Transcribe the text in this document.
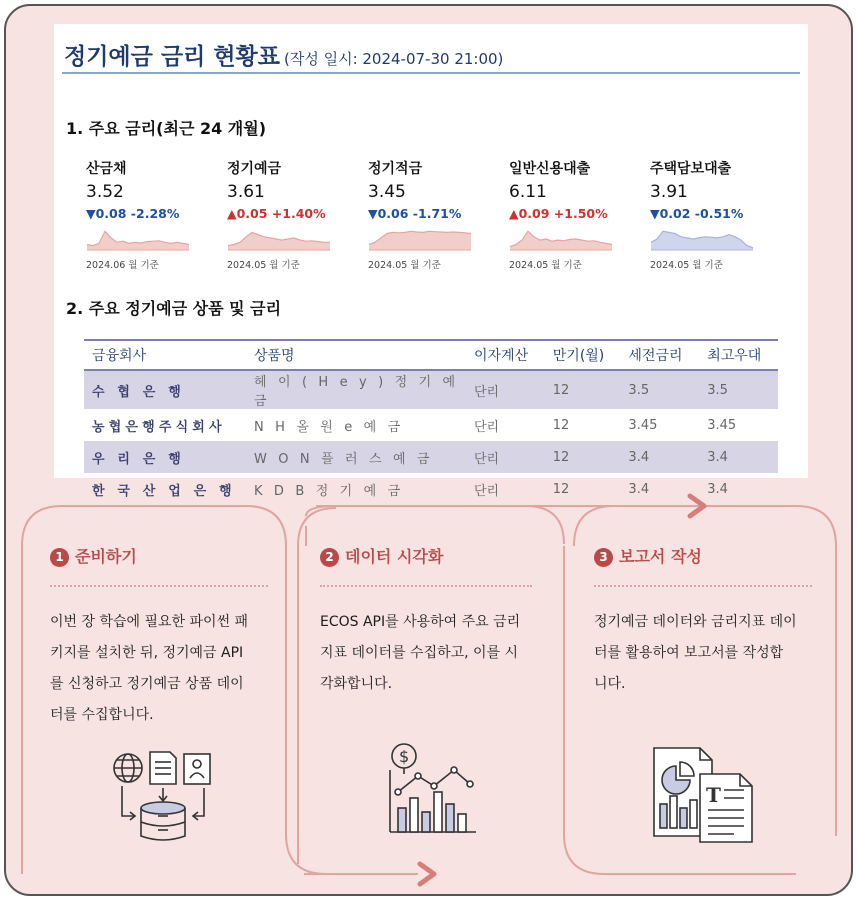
정기예금 금리 현황표 (작성 일시: 2024-07-30 21:00)
1. 주요 금리(최근 24 개월)
산금채
3.52
▼0.08 -2.28%
2024.06 월 기준
정기예금
3.61
▲0.05 +1.40%
2024.05 월 기준
정기적금
3.45
▼0.06 -1.71%
2024.05 월 기준
일반신용대출
6.11
▲0.09 +1.50%
2024.05 월 기준
주택담보대출
3.91
▼0.02 -0.51%
2024.05 월 기준
2. 주요 정기예금 상품 및 금리
금융회사	상품명	이자계산	만기(월)	세전금리	최고우대
수 협 은 행	헤 이 ( H e y ) 정 기 예 금	단리	12	3.5	3.5
농협은행주식회사	N H 올 원 e 예 금	단리	12	3.45	3.45
우 리 은 행	W O N 플 러 스 예 금	단리	12	3.4	3.4
한 국 산 업 은 행	K D B 정 기 예 금	단리	12	3.4	3.4
1 준비하기
이번 장 학습에 필요한 파이썬 패
키지를 설치한 뒤, 정기예금 API
를 신청하고 정기예금 상품 데이
터를 수집합니다.
2 데이터 시각화
ECOS API를 사용하여 주요 금리
지표 데이터를 수집하고, 이를 시
각화합니다.
$
3 보고서 작성
정기예금 데이터와 금리지표 데이
터를 활용하여 보고서를 작성합
니다.
T
